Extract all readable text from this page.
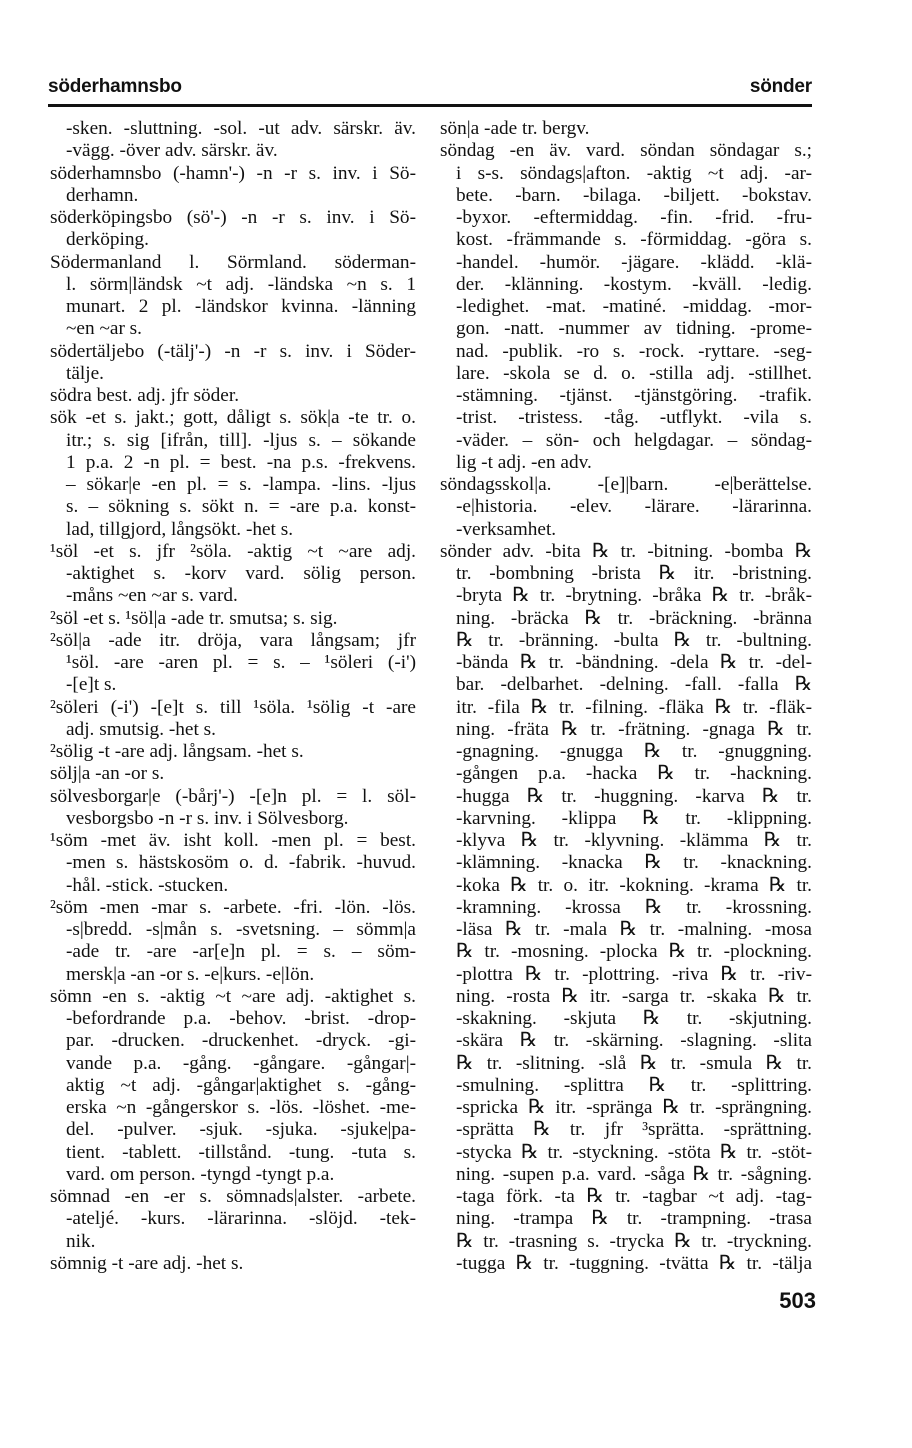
söderhamnsbo	sönder
-sken. -sluttning. -sol. -ut adv. särskr. äv.
-vägg. -över adv. särskr. äv.
söderhamnsbo (-hamn'-) -n -r s. inv. i Sö-
derhamn.
söderköpingsbo (sö'-) -n -r s. inv. i Sö-
derköping.
Södermanland l. Sörmland. söderman-
l. sörm|ländsk ~t adj. -ländska ~n s. 1
munart. 2 pl. -ländskor kvinna. -länning
~en ~ar s.
södertäljebo (-tälj'-) -n -r s. inv. i Söder-
tälje.
södra best. adj. jfr söder.
sök -et s. jakt.; gott, dåligt s. sök|a -te tr. o.
itr.; s. sig [ifrån, till]. -ljus s. – sökande
1 p.a. 2 -n pl. = best. -na p.s. -frekvens.
– sökar|e -en pl. = s. -lampa. -lins. -ljus
s. – sökning s. sökt n. = -are p.a. konst-
lad, tillgjord, långsökt. -het s.
¹söl -et s. jfr ²söla. -aktig ~t ~are adj.
-aktighet s. -korv vard. sölig person.
-måns ~en ~ar s. vard.
²söl -et s. ¹söl|a -ade tr. smutsa; s. sig.
²söl|a -ade itr. dröja, vara långsam; jfr
¹söl. -are -aren pl. = s. – ¹söleri (-i')
-[e]t s.
²söleri (-i') -[e]t s. till ¹söla. ¹sölig -t -are
adj. smutsig. -het s.
²sölig -t -are adj. långsam. -het s.
sölj|a -an -or s.
sölvesborgar|e (-bårj'-) -[e]n pl. = l. söl-
vesborgsbo -n -r s. inv. i Sölvesborg.
¹söm -met äv. isht koll. -men pl. = best.
-men s. hästskosöm o. d. -fabrik. -huvud.
-hål. -stick. -stucken.
²söm -men -mar s. -arbete. -fri. -lön. -lös.
-s|bredd. -s|mån s. -svetsning. – sömm|a
-ade tr. -are -ar[e]n pl. = s. – söm-
mersk|a -an -or s. -e|kurs. -e|lön.
sömn -en s. -aktig ~t ~are adj. -aktighet s.
-befordrande p.a. -behov. -brist. -drop-
par. -drucken. -druckenhet. -dryck. -gi-
vande p.a. -gång. -gångare. -gångar|-
aktig ~t adj. -gångar|aktighet s. -gång-
erska ~n -gångerskor s. -lös. -löshet. -me-
del. -pulver. -sjuk. -sjuka. -sjuke|pa-
tient. -tablett. -tillstånd. -tung. -tuta s.
vard. om person. -tyngd -tyngt p.a.
sömnad -en -er s. sömnads|alster. -arbete.
-ateljé. -kurs. -lärarinna. -slöjd. -tek-
nik.
sömnig -t -are adj. -het s.
sön|a -ade tr. bergv.
söndag -en äv. vard. söndan söndagar s.;
i s-s. söndags|afton. -aktig ~t adj. -ar-
bete. -barn. -bilaga. -biljett. -bokstav.
-byxor. -eftermiddag. -fin. -frid. -fru-
kost. -främmande s. -förmiddag. -göra s.
-handel. -humör. -jägare. -klädd. -klä-
der. -klänning. -kostym. -kväll. -ledig.
-ledighet. -mat. -matiné. -middag. -mor-
gon. -natt. -nummer av tidning. -prome-
nad. -publik. -ro s. -rock. -ryttare. -seg-
lare. -skola se d. o. -stilla adj. -stillhet.
-stämning. -tjänst. -tjänstgöring. -trafik.
-trist. -tristess. -tåg. -utflykt. -vila s.
-väder. – sön- och helgdagar. – söndag-
lig -t adj. -en adv.
söndagsskol|a. -[e]|barn. -e|berättelse.
-e|historia. -elev. -lärare. -lärarinna.
-verksamhet.
sönder adv. -bita ℞ tr. -bitning. -bomba ℞
tr. -bombning -brista ℞ itr. -bristning.
-bryta ℞ tr. -brytning. -bråka ℞ tr. -bråk-
ning. -bräcka ℞ tr. -bräckning. -bränna
℞ tr. -bränning. -bulta ℞ tr. -bultning.
-bända ℞ tr. -bändning. -dela ℞ tr. -del-
bar. -delbarhet. -delning. -fall. -falla ℞
itr. -fila ℞ tr. -filning. -fläka ℞ tr. -fläk-
ning. -fräta ℞ tr. -frätning. -gnaga ℞ tr.
-gnagning. -gnugga ℞ tr. -gnuggning.
-gången p.a. -hacka ℞ tr. -hackning.
-hugga ℞ tr. -huggning. -karva ℞ tr.
-karvning. -klippa ℞ tr. -klippning.
-klyva ℞ tr. -klyvning. -klämma ℞ tr.
-klämning. -knacka ℞ tr. -knackning.
-koka ℞ tr. o. itr. -kokning. -krama ℞ tr.
-kramning. -krossa ℞ tr. -krossning.
-läsa ℞ tr. -mala ℞ tr. -malning. -mosa
℞ tr. -mosning. -plocka ℞ tr. -plockning.
-plottra ℞ tr. -plottring. -riva ℞ tr. -riv-
ning. -rosta ℞ itr. -sarga tr. -skaka ℞ tr.
-skakning. -skjuta ℞ tr. -skjutning.
-skära ℞ tr. -skärning. -slagning. -slita
℞ tr. -slitning. -slå ℞ tr. -smula ℞ tr.
-smulning. -splittra ℞ tr. -splittring.
-spricka ℞ itr. -spränga ℞ tr. -sprängning.
-sprätta ℞ tr. jfr ³sprätta. -sprättning.
-stycka ℞ tr. -styckning. -stöta ℞ tr. -stöt-
ning. -supen p.a. vard. -såga ℞ tr. -sågning.
-taga förk. -ta ℞ tr. -tagbar ~t adj. -tag-
ning. -trampa ℞ tr. -trampning. -trasa
℞ tr. -trasning s. -trycka ℞ tr. -tryckning.
-tugga ℞ tr. -tuggning. -tvätta ℞ tr. -tälja
503
